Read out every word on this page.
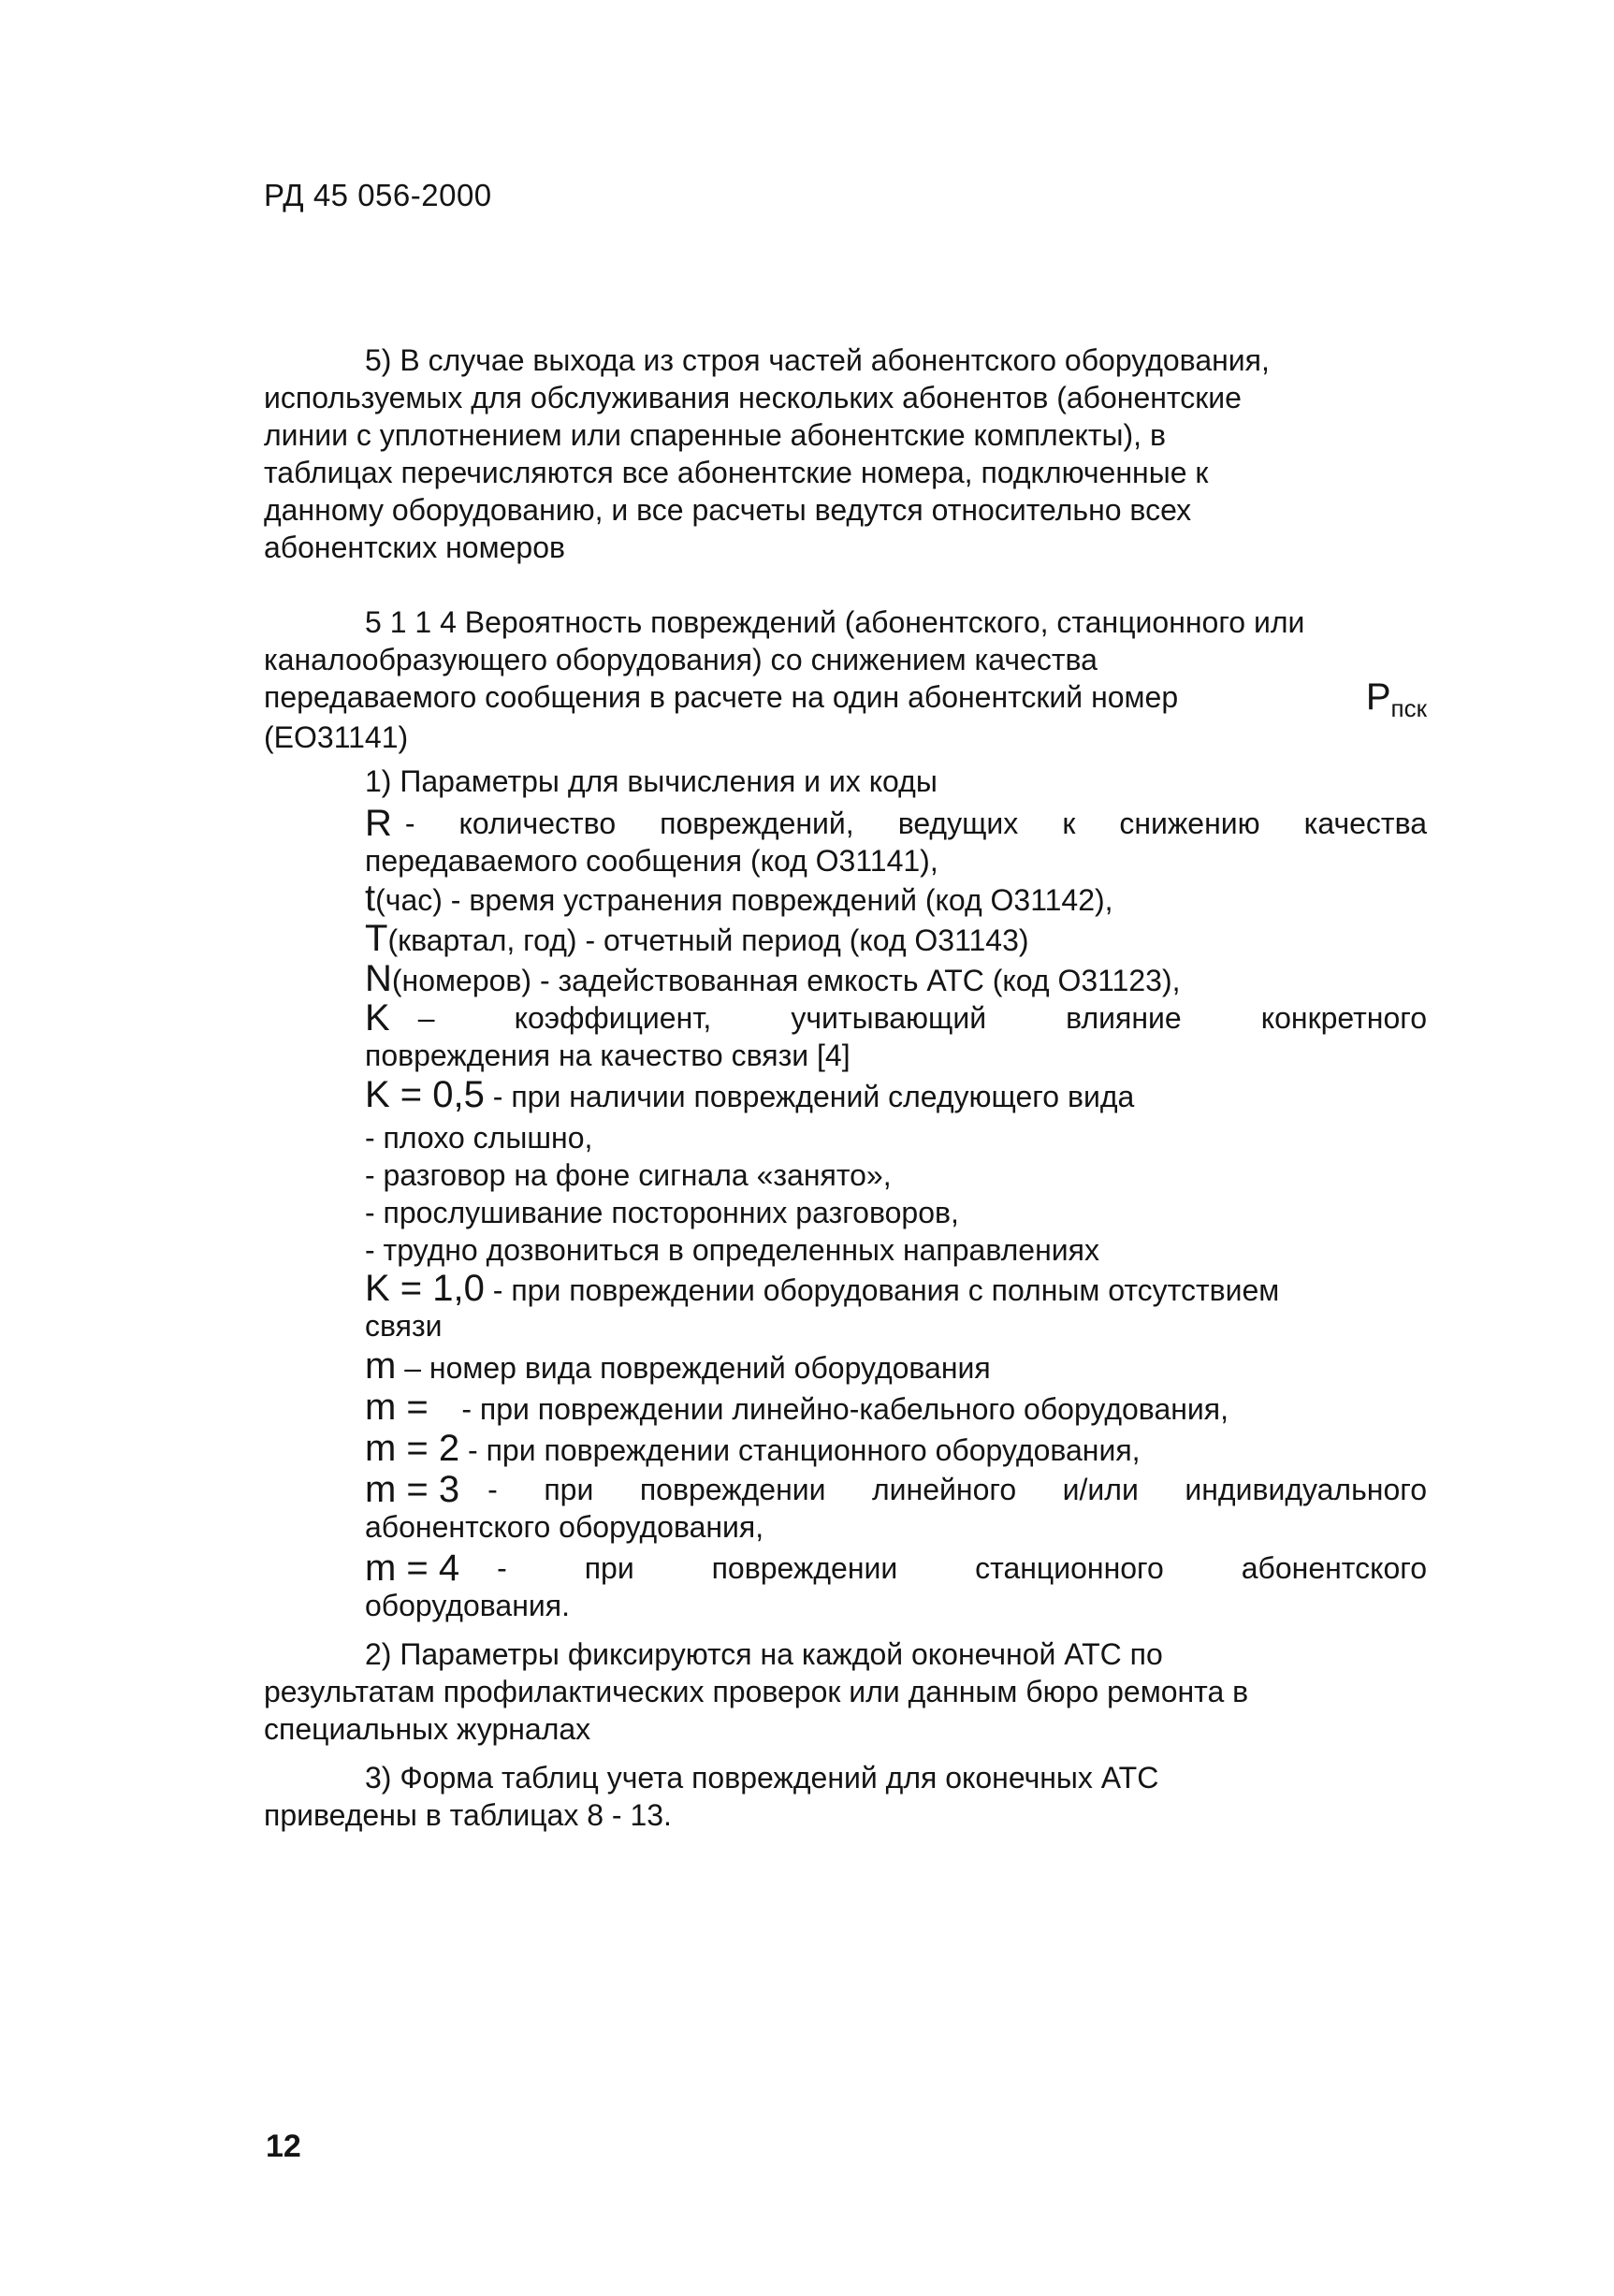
РД 45 056-2000
5) В случае выхода из строя частей абонентского оборудования,
используемых для обслуживания нескольких абонентов (абонентские
линии с уплотнением или спаренные абонентские комплекты), в
таблицах перечисляются все абонентские номера, подключенные к
данному оборудованию, и все расчеты ведутся относительно всех
абонентских номеров
5 1 1 4 Вероятность повреждений (абонентского, станционного или
каналообразующего оборудования) со снижением качества
передаваемого сообщения в расчете на один абонентский номер	$P_{пск}$
(ЕО31141)
1) Параметры для вычисления и их коды
R - количество повреждений, ведущих к снижению качества
передаваемого сообщения (код О31141),
t(час) - время устранения повреждений (код О31142),
T(квартал, год) - отчетный период (код О31143)
N(номеров) - задействованная емкость АТС (код О31123),
K – коэффициент, учитывающий влияние конкретного
повреждения на качество связи [4]
K = 0,5 - при наличии повреждений следующего вида
- плохо слышно,
- разговор на фоне сигнала «занято»,
- прослушивание посторонних разговоров,
- трудно дозвониться в определенных направлениях
K = 1,0 - при повреждении оборудования с полным отсутствием
связи
m – номер вида повреждений оборудования
m = - при повреждении линейно-кабельного оборудования,
m = 2 - при повреждении станционного оборудования,
m = 3 - при повреждении линейного и/или индивидуального
абонентского оборудования,
m = 4 - при повреждении станционного абонентского
оборудования.
2) Параметры фиксируются на каждой оконечной АТС по
результатам профилактических проверок или данным бюро ремонта в
специальных журналах
3) Форма таблиц учета повреждений для оконечных АТС
приведены в таблицах 8 - 13.
12
